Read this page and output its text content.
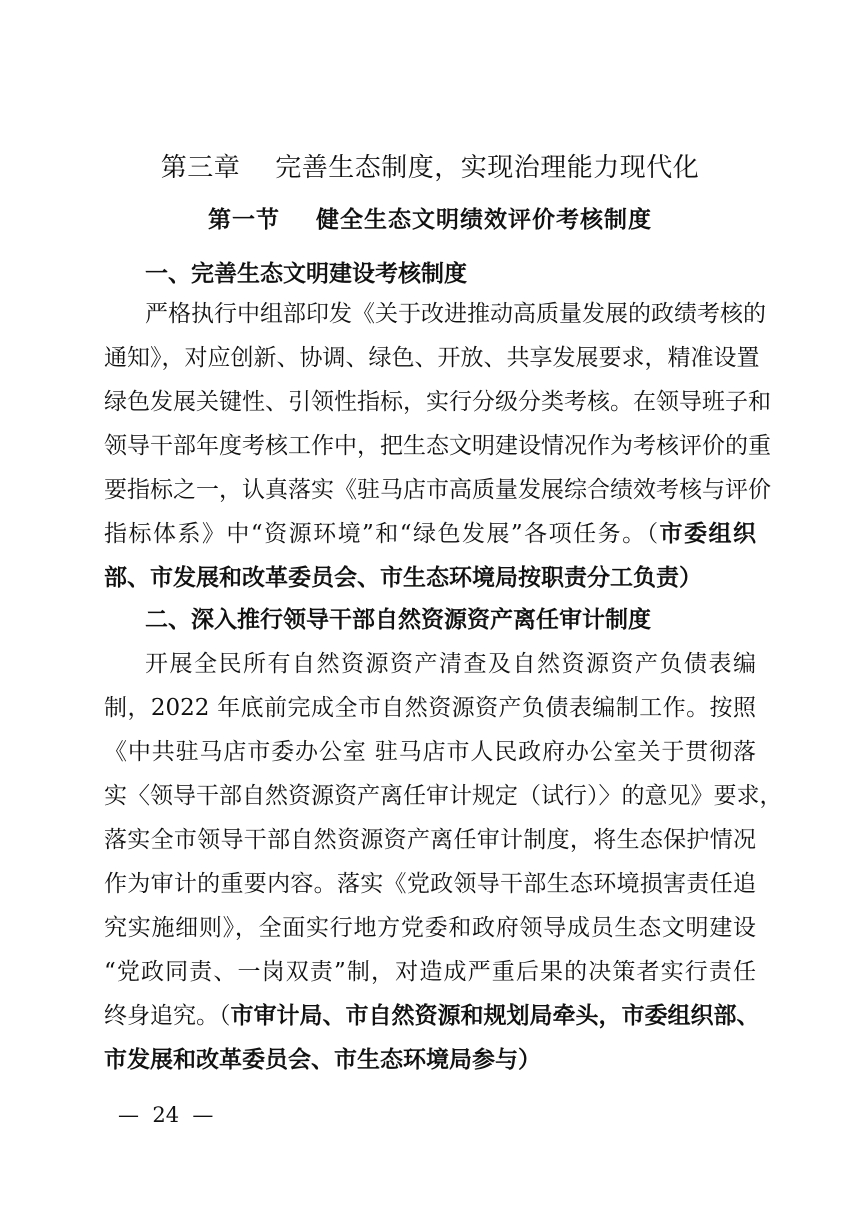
第三章    完善生态制度，实现治理能力现代化
第一节    健全生态文明绩效评价考核制度
一、完善生态文明建设考核制度
严格执行中组部印发《关于改进推动高质量发展的政绩考核的
通知》，对应创新、协调、绿色、开放、共享发展要求，精准设置
绿色发展关键性、引领性指标，实行分级分类考核。在领导班子和
领导干部年度考核工作中，把生态文明建设情况作为考核评价的重
要指标之一，认真落实《驻马店市高质量发展综合绩效考核与评价
指标体系》中“资源环境”和“绿色发展”各项任务。（市委组织
部、市发展和改革委员会、市生态环境局按职责分工负责）
二、深入推行领导干部自然资源资产离任审计制度
开展全民所有自然资源资产清查及自然资源资产负债表编
制，2022 年底前完成全市自然资源资产负债表编制工作。按照
《中共驻马店市委办公室 驻马店市人民政府办公室关于贯彻落
实〈领导干部自然资源资产离任审计规定（试行）〉的意见》要求，
落实全市领导干部自然资源资产离任审计制度，将生态保护情况
作为审计的重要内容。落实《党政领导干部生态环境损害责任追
究实施细则》，全面实行地方党委和政府领导成员生态文明建设
“党政同责、一岗双责”制，对造成严重后果的决策者实行责任
终身追究。（市审计局、市自然资源和规划局牵头，市委组织部、
市发展和改革委员会、市生态环境局参与）
—  24  —
